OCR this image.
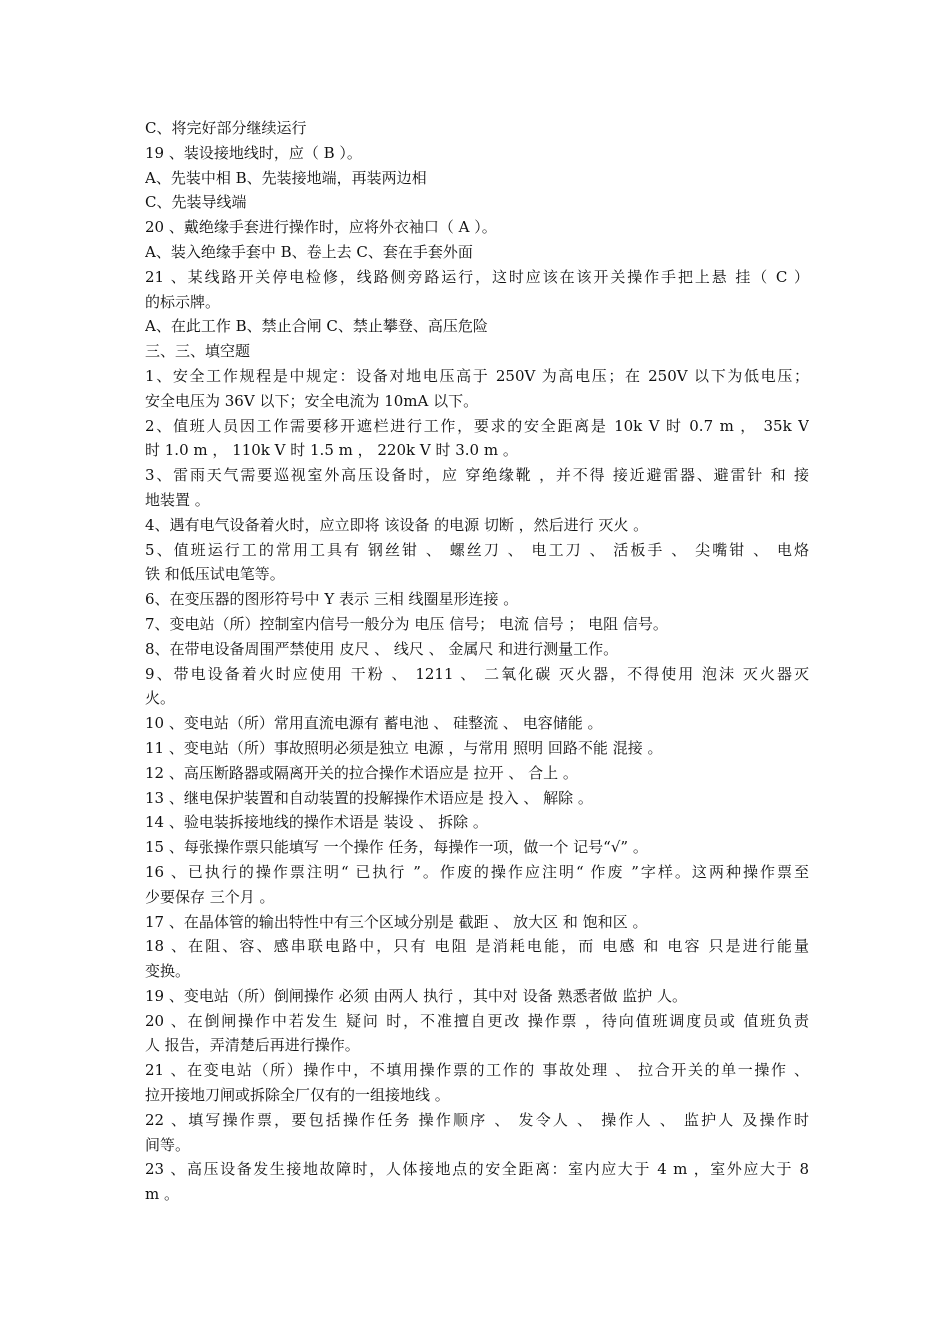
C、将完好部分继续运行
19 、装设接地线时，应（ B ）。
A、先装中相 B、先装接地端，再装两边相
C、先装导线端
20 、戴绝缘手套进行操作时，应将外衣袖口（ A ）。
A、装入绝缘手套中 B、卷上去 C、套在手套外面
21 、某线路开关停电检修，线路侧旁路运行，这时应该在该开关操作手把上悬 挂（ C ）
的标示牌。
A、在此工作 B、禁止合闸 C、禁止攀登、高压危险
三、三、填空题
1、安全工作规程是中规定：设备对地电压高于 250V 为高电压；在 250V 以下为低电压；
安全电压为 36V 以下；安全电流为 10mA 以下。
2、值班人员因工作需要移开遮栏进行工作，要求的安全距离是 10k V 时 0.7 m ， 35k V
时 1.0 m ， 110k V 时 1.5 m ， 220k V 时 3.0 m 。
3、雷雨天气需要巡视室外高压设备时，应 穿绝缘靴 ，并不得 接近避雷器、避雷针 和 接
地装置 。
4、遇有电气设备着火时，应立即将 该设备 的电源 切断 ，然后进行 灭火 。
5、值班运行工的常用工具有 钢丝钳 、 螺丝刀 、 电工刀 、 活板手 、 尖嘴钳 、 电烙
铁 和低压试电笔等。
6、在变压器的图形符号中 Y 表示 三相 线圈星形连接 。
7、变电站（所）控制室内信号一般分为 电压 信号； 电流 信号 ； 电阻 信号。
8、在带电设备周围严禁使用 皮尺 、 线尺 、 金属尺 和进行测量工作。
9、带电设备着火时应使用 干粉 、 1211 、 二氧化碳 灭火器，不得使用 泡沫 灭火器灭
火。
10 、变电站（所）常用直流电源有 蓄电池 、 硅整流 、 电容储能 。
11 、变电站（所）事故照明必须是独立 电源 ，与常用 照明 回路不能 混接 。
12 、高压断路器或隔离开关的拉合操作术语应是 拉开 、 合上 。
13 、继电保护装置和自动装置的投解操作术语应是 投入 、 解除 。
14 、验电装拆接地线的操作术语是 装设 、 拆除 。
15 、每张操作票只能填写 一个操作 任务，每操作一项，做一个 记号“√” 。
16 、已执行的操作票注明“ 已执行 ”。作废的操作应注明“ 作废 ”字样。这两种操作票至
少要保存 三个月 。
17 、在晶体管的输出特性中有三个区域分别是 截距 、 放大区 和 饱和区 。
18 、在阻、容、感串联电路中，只有 电阻 是消耗电能，而 电感 和 电容 只是进行能量
变换。
19 、变电站（所）倒闸操作 必须 由两人 执行 ，其中对 设备 熟悉者做 监护 人。
20 、在倒闸操作中若发生 疑问 时，不准擅自更改 操作票 ，待向值班调度员或 值班负责
人 报告，弄清楚后再进行操作。
21 、在变电站（所）操作中，不填用操作票的工作的 事故处理 、 拉合开关的单一操作 、
拉开接地刀闸或拆除全厂仅有的一组接地线 。
22 、填写操作票，要包括操作任务 操作顺序 、 发令人 、 操作人 、 监护人 及操作时
间等。
23 、高压设备发生接地故障时，人体接地点的安全距离：室内应大于 4 m ，室外应大于 8
m 。
